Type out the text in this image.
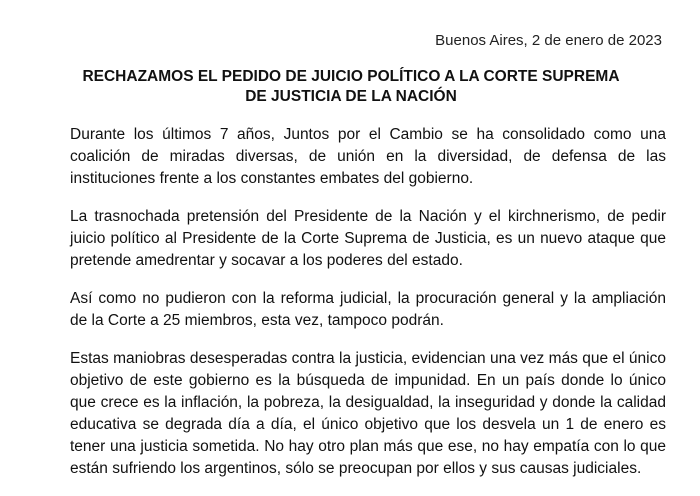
Buenos Aires, 2 de enero de 2023
RECHAZAMOS EL PEDIDO DE JUICIO POLÍTICO A LA CORTE SUPREMA DE JUSTICIA DE LA NACIÓN

Durante los últimos 7 años, Juntos por el Cambio se ha consolidado como una coalición de miradas diversas, de unión en la diversidad, de defensa de las instituciones frente a los constantes embates del gobierno.

La trasnochada pretensión del Presidente de la Nación y el kirchnerismo, de pedir juicio político al Presidente de la Corte Suprema de Justicia, es un nuevo ataque que pretende amedrentar y socavar a los poderes del estado.

Así como no pudieron con la reforma judicial, la procuración general y la ampliación de la Corte a 25 miembros, esta vez, tampoco podrán.

Estas maniobras desesperadas contra la justicia, evidencian una vez más que el único objetivo de este gobierno es la búsqueda de impunidad. En un país donde lo único que crece es la inflación, la pobreza, la desigualdad, la inseguridad y donde la calidad educativa se degrada día a día, el único objetivo que los desvela un 1 de enero es tener una justicia sometida. No hay otro plan más que ese, no hay empatía con lo que están sufriendo los argentinos, sólo se preocupan por ellos y sus causas judiciales.
